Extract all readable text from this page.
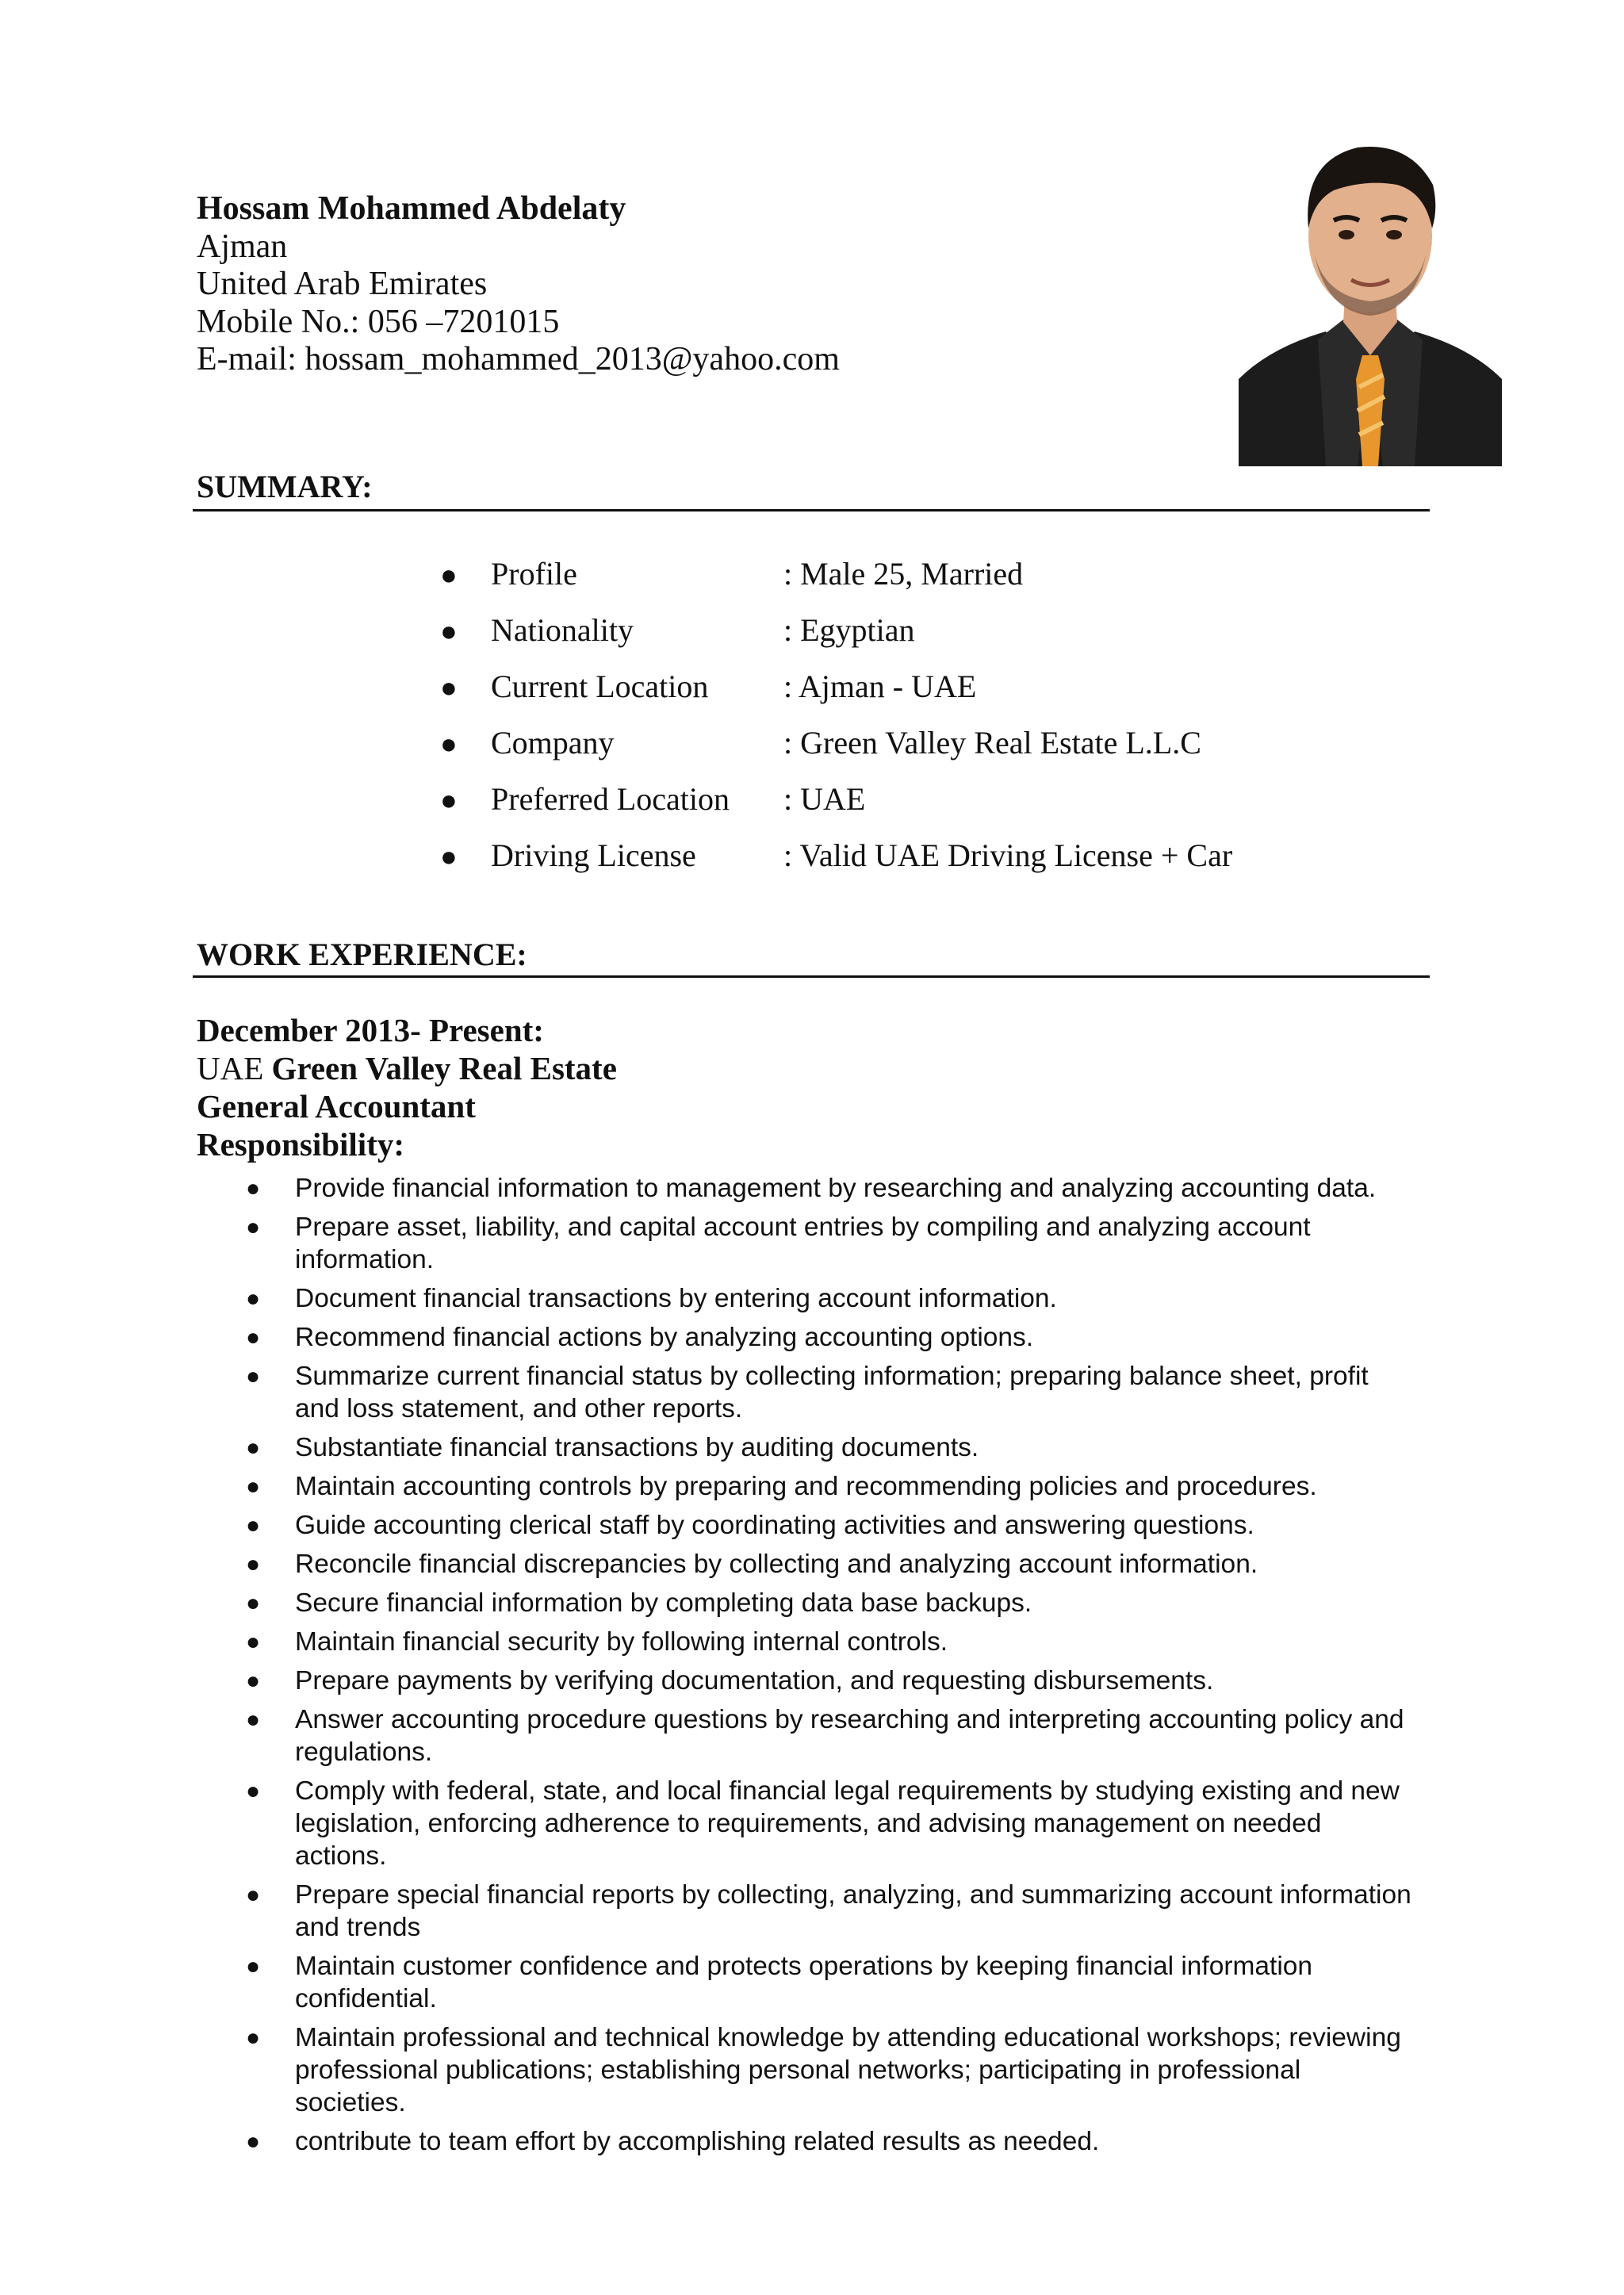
Hossam Mohammed Abdelaty
Ajman
United Arab Emirates
Mobile No.: 056 –7201015
E-mail: hossam_mohammed_2013@yahoo.com
SUMMARY:
● Profile	: Male 25, Married
● Nationality	: Egyptian
● Current Location : Ajman - UAE
● Company	: Green Valley Real Estate L.L.C
● Preferred Location : UAE
● Driving License	: Valid UAE Driving License + Car
WORK EXPERIENCE:
December 2013- Present:
UAE Green Valley Real Estate
General Accountant
Responsibility:
● Provide financial information to management by researching and analyzing accounting data.
● Prepare asset, liability, and capital account entries by compiling and analyzing account information.
● Document financial transactions by entering account information.
● Recommend financial actions by analyzing accounting options.
● Summarize current financial status by collecting information; preparing balance sheet, profit and loss statement, and other reports.
● Substantiate financial transactions by auditing documents.
● Maintain accounting controls by preparing and recommending policies and procedures.
● Guide accounting clerical staff by coordinating activities and answering questions.
● Reconcile financial discrepancies by collecting and analyzing account information.
● Secure financial information by completing data base backups.
● Maintain financial security by following internal controls.
● Prepare payments by verifying documentation, and requesting disbursements.
● Answer accounting procedure questions by researching and interpreting accounting policy and regulations.
● Comply with federal, state, and local financial legal requirements by studying existing and new legislation, enforcing adherence to requirements, and advising management on needed actions.
● Prepare special financial reports by collecting, analyzing, and summarizing account information and trends
● Maintain customer confidence and protects operations by keeping financial information confidential.
● Maintain professional and technical knowledge by attending educational workshops; reviewing professional publications; establishing personal networks; participating in professional societies.
● contribute to team effort by accomplishing related results as needed.
